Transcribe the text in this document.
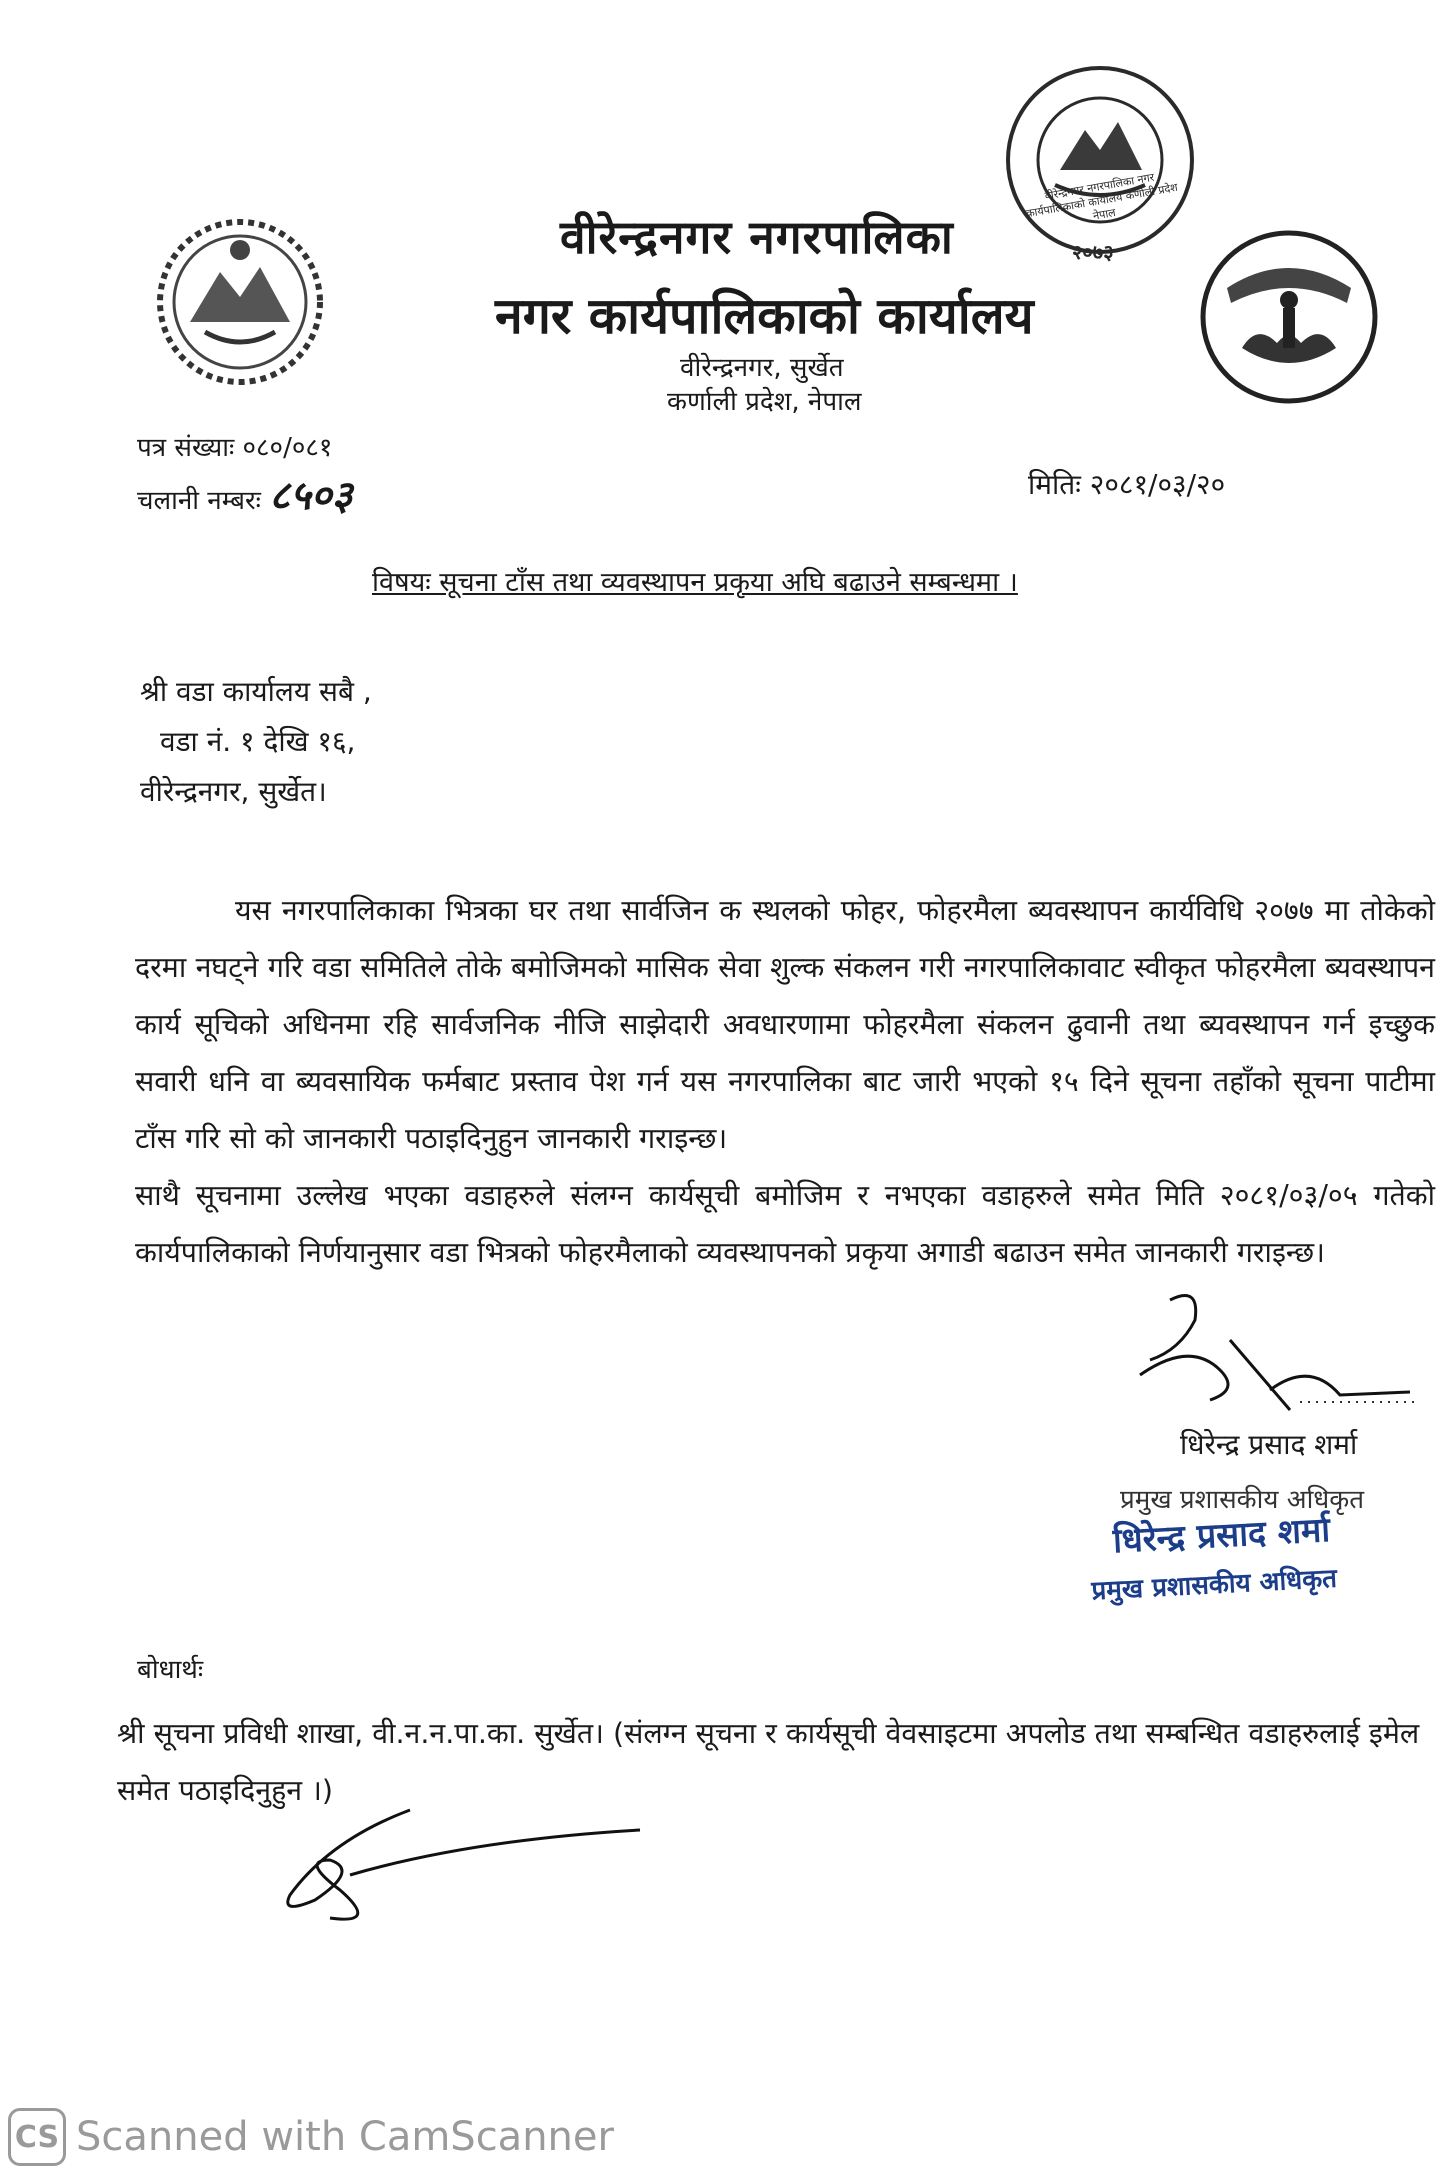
वीरेन्द्रनगर नगरपालिका नगर कार्यपालिकाको कार्यालय कर्णाली प्रदेश नेपाल
२०७३
वीरेन्द्रनगर नगरपालिका
नगर कार्यपालिकाको कार्यालय
वीरेन्द्रनगर, सुर्खेत
कर्णाली प्रदेश, नेपाल
पत्र संख्याः ०८०/०८१
चलानी नम्बरः ८५०३	मितिः २०८१/०३/२०
विषयः सूचना टाँस तथा व्यवस्थापन प्रकृया अघि बढाउने सम्बन्धमा ।
श्री वडा कार्यालय सबै ,
वडा नं. १ देखि १६,
वीरेन्द्रनगर, सुर्खेत।

यस नगरपालिकाका भित्रका घर तथा सार्वजिन क स्थलको फोहर, फोहरमैला ब्यवस्थापन कार्यविधि २०७७ मा तोकेको दरमा नघट्ने गरि वडा समितिले तोके बमोजिमको मासिक सेवा शुल्क संकलन गरी नगरपालिकावाट स्वीकृत फोहरमैला ब्यवस्थापन कार्य सूचिको अधिनमा रहि सार्वजनिक नीजि साझेदारी अवधारणामा फोहरमैला संकलन ढुवानी तथा ब्यवस्थापन गर्न इच्छुक सवारी धनि वा ब्यवसायिक फर्मबाट प्रस्ताव पेश गर्न यस नगरपालिका बाट जारी भएको १५ दिने सूचना तहाँको सूचना पाटीमा टाँस गरि सो को जानकारी पठाइदिनुहुन जानकारी गराइन्छ।

साथै सूचनामा उल्लेख भएका वडाहरुले संलग्न कार्यसूची बमोजिम र नभएका वडाहरुले समेत मिति २०८१/०३/०५ गतेको कार्यपालिकाको निर्णयानुसार वडा भित्रको फोहरमैलाको व्यवस्थापनको प्रकृया अगाडी बढाउन समेत जानकारी गराइन्छ।

धिरेन्द्र प्रसाद शर्मा
प्रमुख प्रशासकीय अधिकृत
धिरेन्द्र प्रसाद शर्मा
प्रमुख प्रशासकीय अधिकृत
बोधार्थः
श्री सूचना प्रविधी शाखा, वी.न.न.पा.का. सुर्खेत। (संलग्न सूचना र कार्यसूची वेवसाइटमा अपलोड तथा सम्बन्धित वडाहरुलाई इमेल समेत पठाइदिनुहुन ।)
CS Scanned with CamScanner
